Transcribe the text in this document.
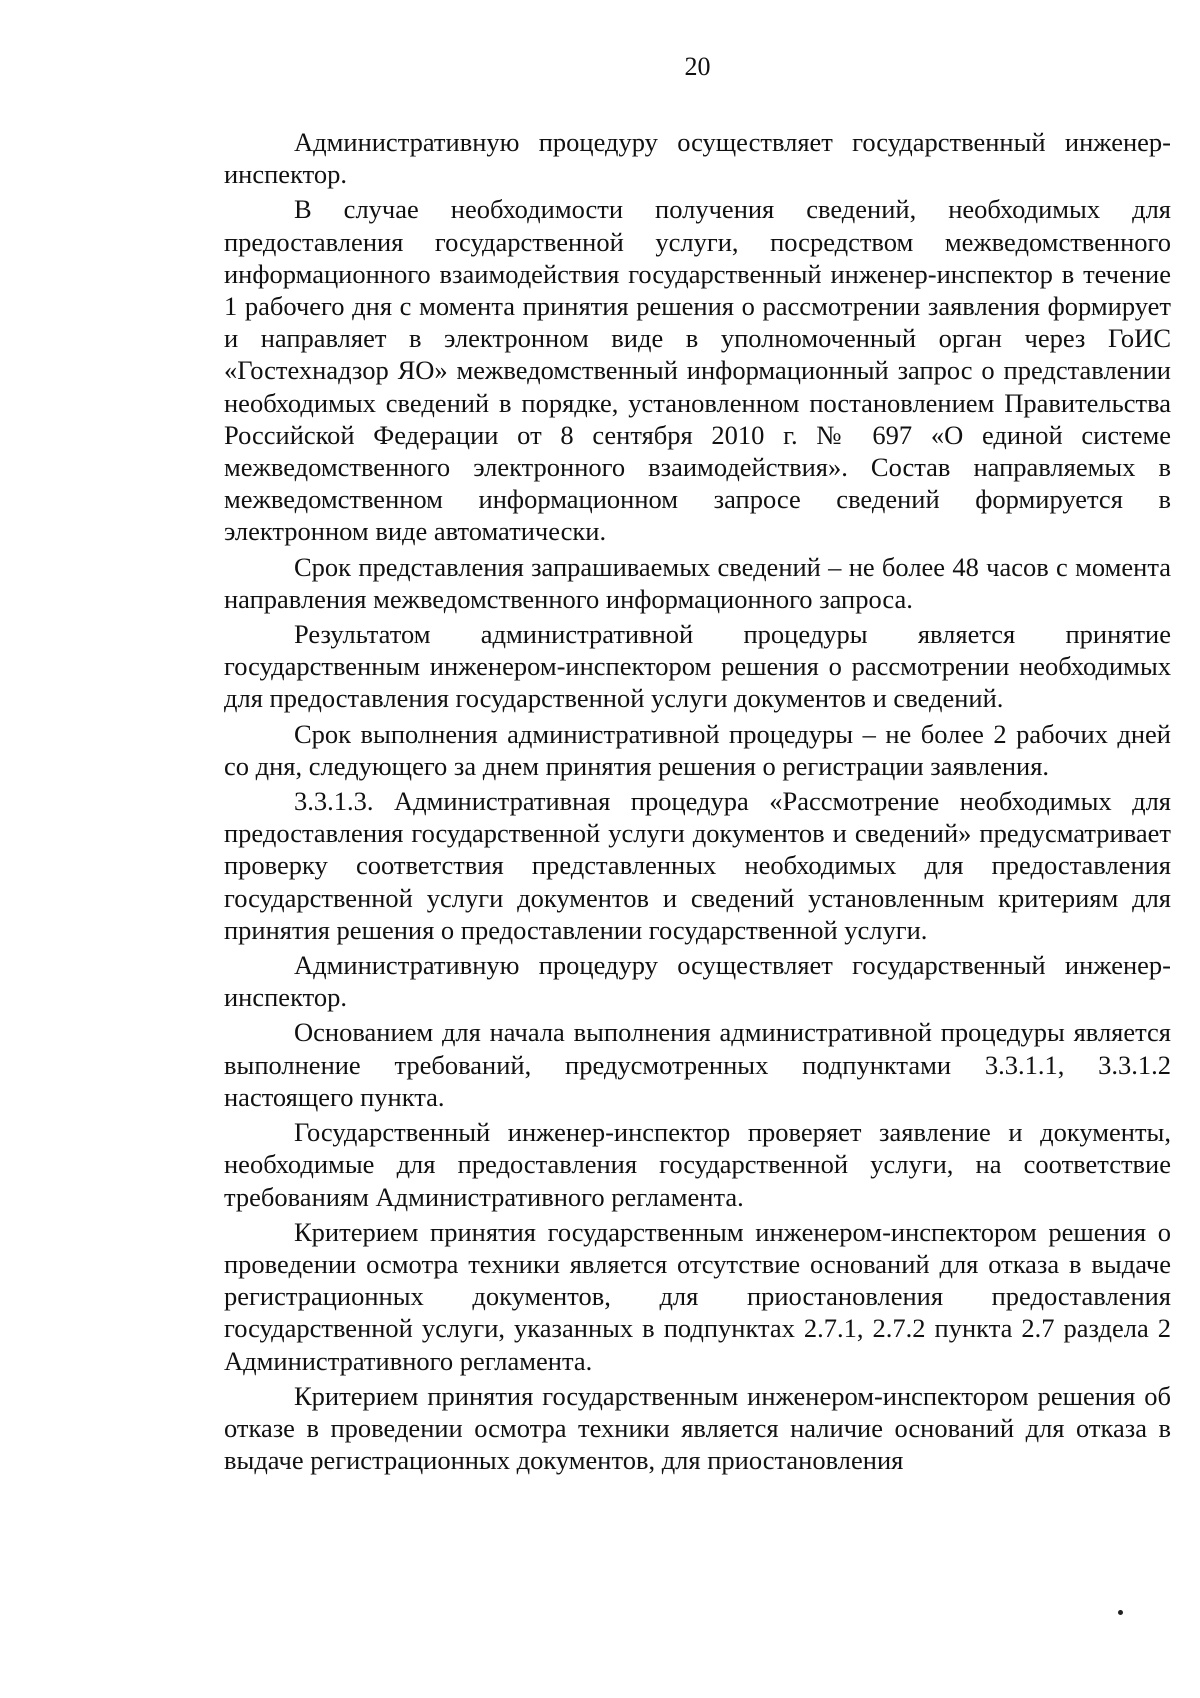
20

Административную процедуру осуществляет государственный инженер-инспектор.

В случае необходимости получения сведений, необходимых для предоставления государственной услуги, посредством межведомственного информационного взаимодействия государственный инженер-инспектор в течение 1 рабочего дня с момента принятия решения о рассмотрении заявления формирует и направляет в электронном виде в уполномоченный орган через ГоИС «Гостехнадзор ЯО» межведомственный информационный запрос о представлении необходимых сведений в порядке, установленном постановлением Правительства Российской Федерации от 8 сентября 2010 г. № 697 «О единой системе межведомственного электронного взаимодействия». Состав направляемых в межведомственном информационном запросе сведений формируется в электронном виде автоматически.

Срок представления запрашиваемых сведений – не более 48 часов с момента направления межведомственного информационного запроса.

Результатом административной процедуры является принятие государственным инженером-инспектором решения о рассмотрении необходимых для предоставления государственной услуги документов и сведений.

Срок выполнения административной процедуры – не более 2 рабочих дней со дня, следующего за днем принятия решения о регистрации заявления.

3.3.1.3. Административная процедура «Рассмотрение необходимых для предоставления государственной услуги документов и сведений» предусматривает проверку соответствия представленных необходимых для предоставления государственной услуги документов и сведений установленным критериям для принятия решения о предоставлении государственной услуги.

Административную процедуру осуществляет государственный инженер-инспектор.

Основанием для начала выполнения административной процедуры является выполнение требований, предусмотренных подпунктами 3.3.1.1, 3.3.1.2 настоящего пункта.

Государственный инженер-инспектор проверяет заявление и документы, необходимые для предоставления государственной услуги, на соответствие требованиям Административного регламента.

Критерием принятия государственным инженером-инспектором решения о проведении осмотра техники является отсутствие оснований для отказа в выдаче регистрационных документов, для приостановления предоставления государственной услуги, указанных в подпунктах 2.7.1, 2.7.2 пункта 2.7 раздела 2 Административного регламента.

Критерием принятия государственным инженером-инспектором решения об отказе в проведении осмотра техники является наличие оснований для отказа в выдаче регистрационных документов, для приостановления
